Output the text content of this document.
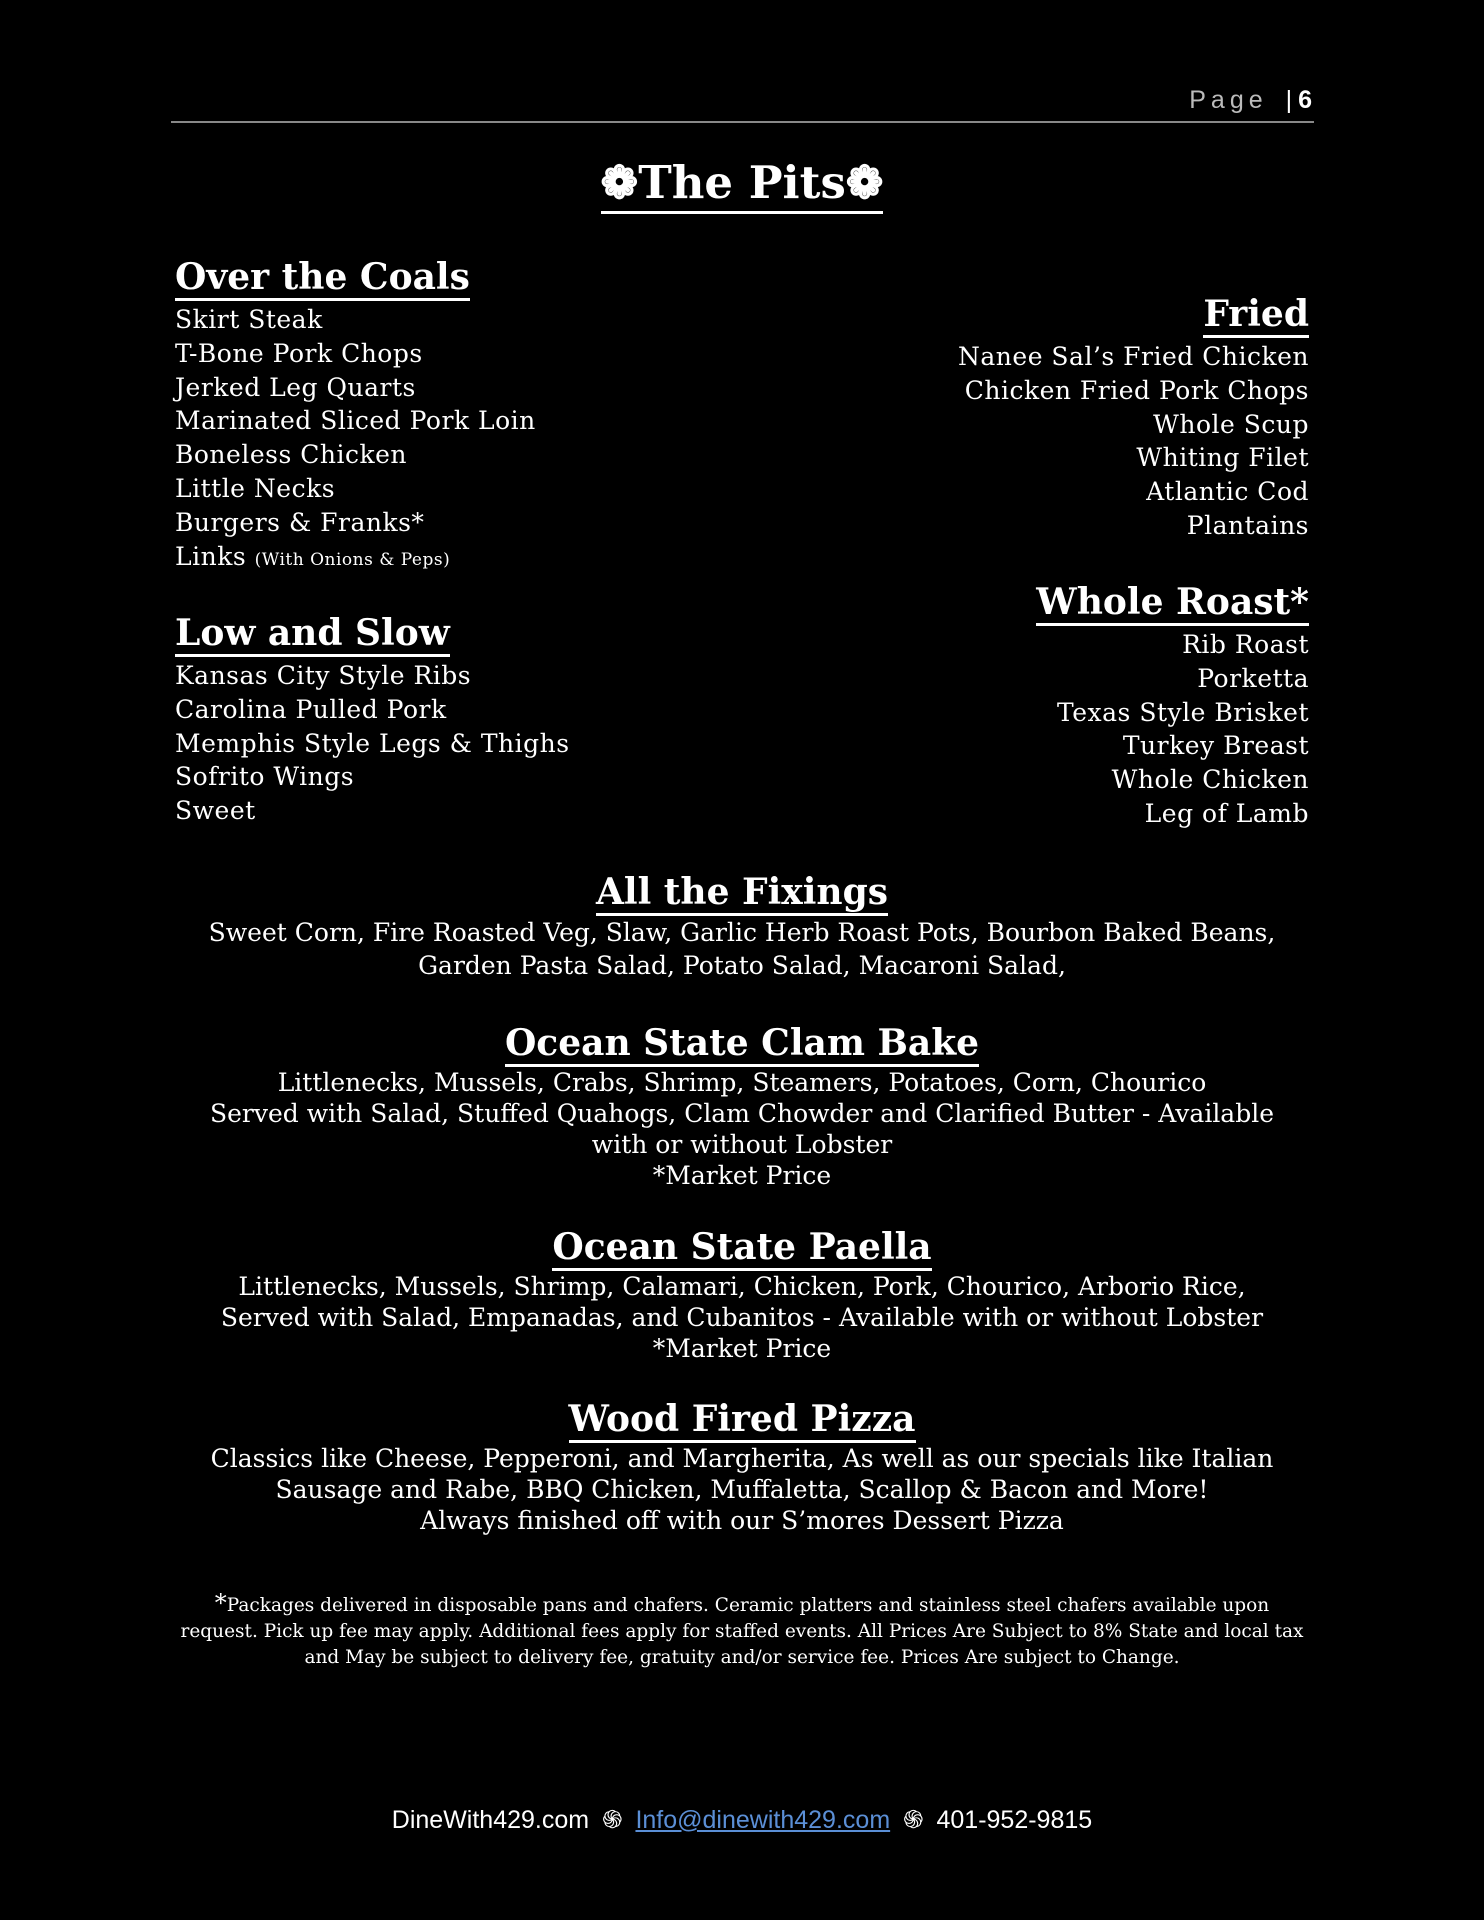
Page | 6
❁The Pits❁
Over the Coals
Skirt Steak
T-Bone Pork Chops
Jerked Leg Quarts
Marinated Sliced Pork Loin
Boneless Chicken
Little Necks
Burgers & Franks*
Links (With Onions & Peps)
Low and Slow
Kansas City Style Ribs
Carolina Pulled Pork
Memphis Style Legs & Thighs
Sofrito Wings
Sweet
Fried
Nanee Sal’s Fried Chicken
Chicken Fried Pork Chops
Whole Scup
Whiting Filet
Atlantic Cod
Plantains
Whole Roast*
Rib Roast
Porketta
Texas Style Brisket
Turkey Breast
Whole Chicken
Leg of Lamb
All the Fixings

Sweet Corn, Fire Roasted Veg, Slaw, Garlic Herb Roast Pots, Bourbon Baked Beans,

Garden Pasta Salad, Potato Salad, Macaroni Salad,

Ocean State Clam Bake

Littlenecks, Mussels, Crabs, Shrimp, Steamers, Potatoes, Corn, Chourico

Served with Salad, Stuffed Quahogs, Clam Chowder and Clarified Butter - Available

with or without Lobster

*Market Price

Ocean State Paella

Littlenecks, Mussels, Shrimp, Calamari, Chicken, Pork, Chourico, Arborio Rice,

Served with Salad, Empanadas, and Cubanitos - Available with or without Lobster

*Market Price

Wood Fired Pizza

Classics like Cheese, Pepperoni, and Margherita, As well as our specials like Italian

Sausage and Rabe, BBQ Chicken, Muffaletta, Scallop & Bacon and More!

Always finished off with our S’mores Dessert Pizza

*Packages delivered in disposable pans and chafers. Ceramic platters and stainless steel chafers available upon
request. Pick up fee may apply. Additional fees apply for staffed events. All Prices Are Subject to 8% State and local tax
and May be subject to delivery fee, gratuity and/or service fee. Prices Are subject to Change.
DineWith429.com ֍ Info@dinewith429.com ֍ 401-952-9815
